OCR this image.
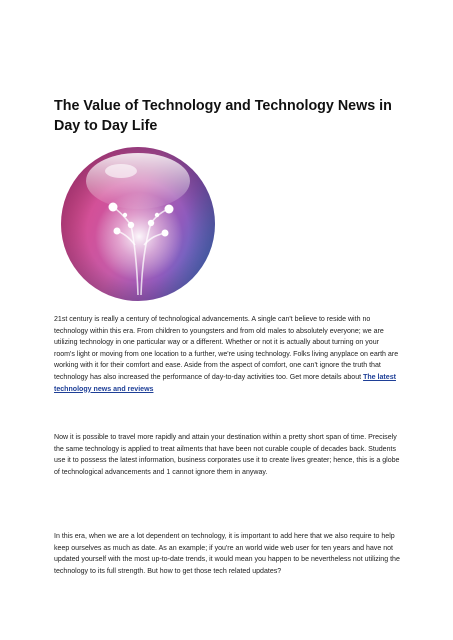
The Value of Technology and Technology News in Day to Day Life

21st century is really a century of technological advancements. A single can't believe to reside with no technology within this era. From children to youngsters and from old males to absolutely everyone; we are utilizing technology in one particular way or a different. Whether or not it is actually about turning on your room's light or moving from one location to a further, we're using technology. Folks living anyplace on earth are working with it for their comfort and ease. Aside from the aspect of comfort, one can't ignore the truth that technology has also increased the performance of day-to-day activities too. Get more details about The latest technology news and reviews

Now it is possible to travel more rapidly and attain your destination within a pretty short span of time. Precisely the same technology is applied to treat ailments that have been not curable couple of decades back. Students use it to possess the latest information, business corporates use it to create lives greater; hence, this is a globe of technological advancements and 1 cannot ignore them in anyway.

In this era, when we are a lot dependent on technology, it is important to add here that we also require to help keep ourselves as much as date. As an example; if you're an world wide web user for ten years and have not updated yourself with the most up-to-date trends, it would mean you happen to be nevertheless not utilizing the technology to its full strength. But how to get those tech related updates?
